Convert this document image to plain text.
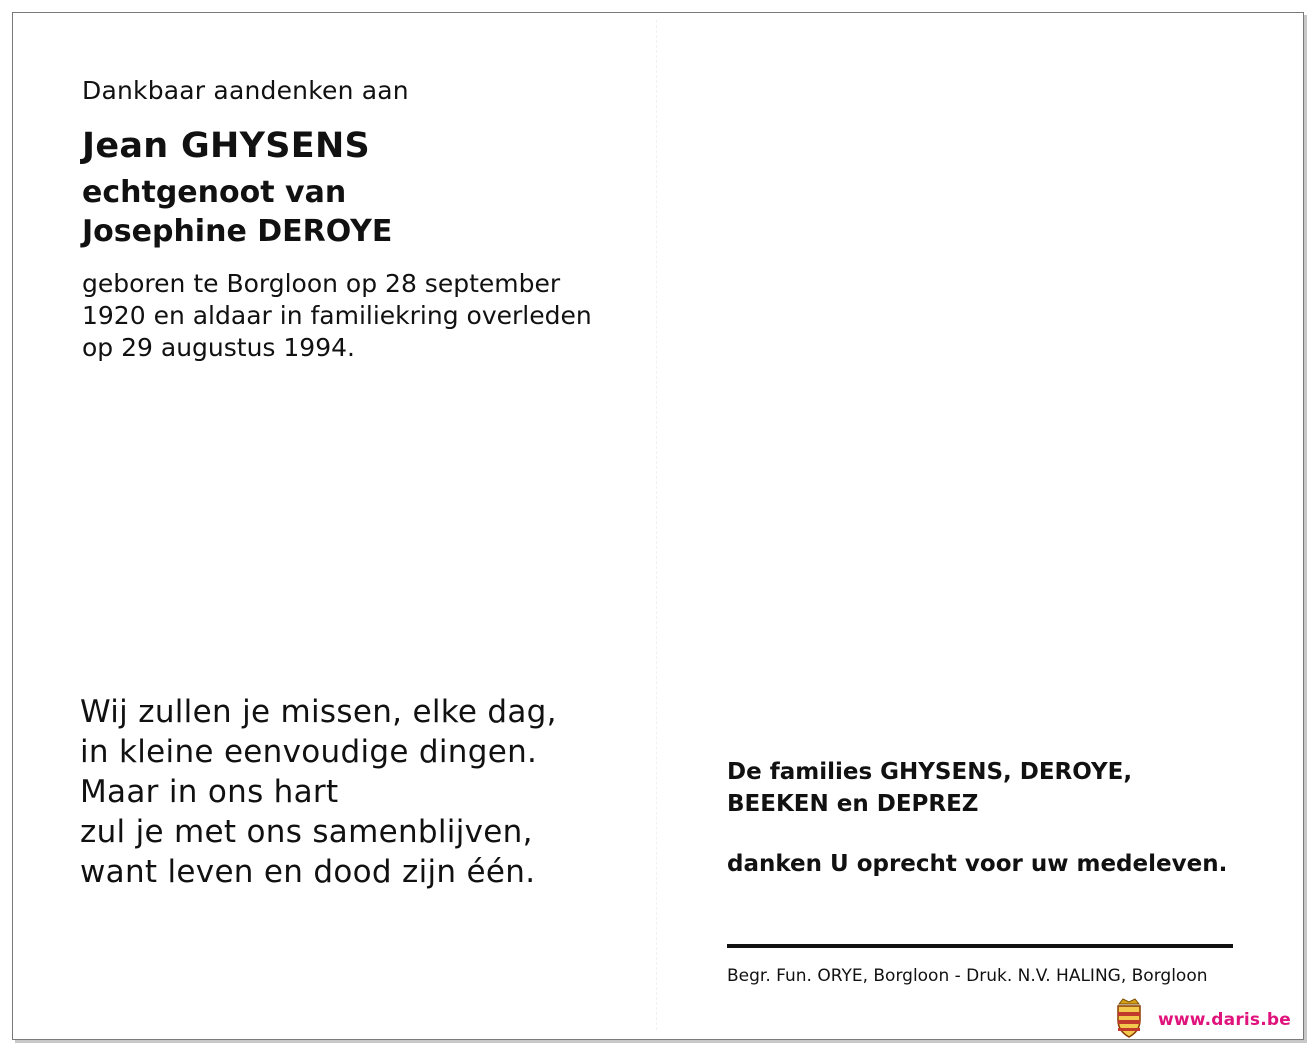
Dankbaar aandenken aan
Jean GHYSENS
echtgenoot van
Josephine DEROYE
geboren te Borgloon op 28 september
1920 en aldaar in familiekring overleden
op 29 augustus 1994.
Wij zullen je missen, elke dag,
in kleine eenvoudige dingen.
Maar in ons hart
zul je met ons samenblijven,
want leven en dood zijn één.
De families GHYSENS, DEROYE,
BEEKEN en DEPREZ
danken U oprecht voor uw medeleven.
Begr. Fun. ORYE, Borgloon - Druk. N.V. HALING, Borgloon
www.daris.be
